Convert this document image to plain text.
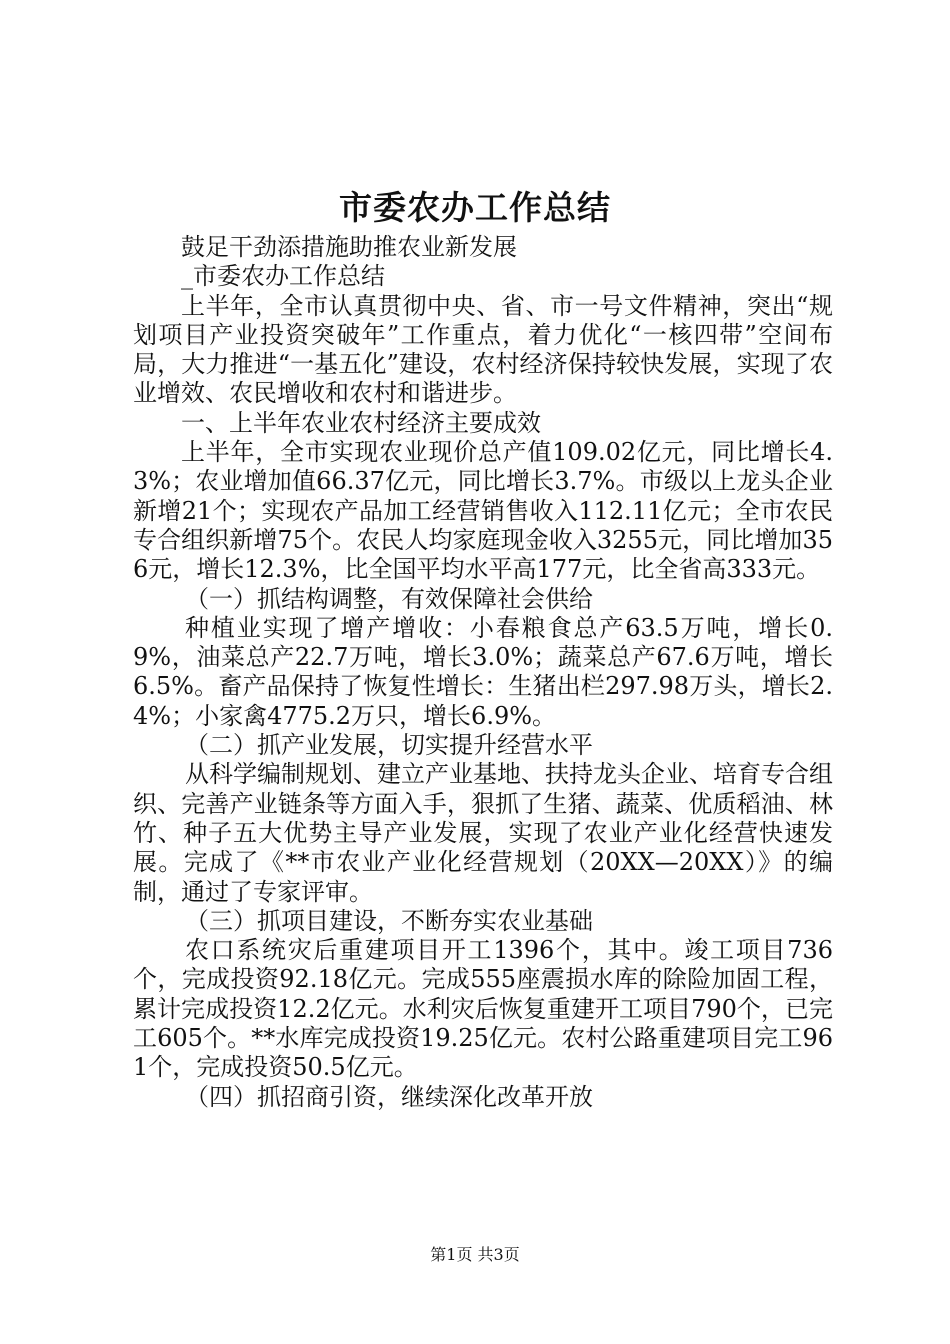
市委农办工作总结

鼓足干劲添措施助推农业新发展

_市委农办工作总结

上半年，全市认真贯彻中央、省、市一号文件精神，突出“规划项目产业投资突破年”工作重点，着力优化“一核四带”空间布局，大力推进“一基五化”建设，农村经济保持较快发展，实现了农业增效、农民增收和农村和谐进步。

一、上半年农业农村经济主要成效

上半年，全市实现农业现价总产值109.02亿元，同比增长4.3%；农业增加值66.37亿元，同比增长3.7%。市级以上龙头企业新增21个；实现农产品加工经营销售收入112.11亿元；全市农民专合组织新增75个。农民人均家庭现金收入3255元，同比增加356元，增长12.3%，比全国平均水平高177元，比全省高333元。

（一）抓结构调整，有效保障社会供给

种植业实现了增产增收：小春粮食总产63.5万吨，增长0.9%，油菜总产22.7万吨，增长3.0%；蔬菜总产67.6万吨，增长6.5%。畜产品保持了恢复性增长：生猪出栏297.98万头，增长2.4%；小家禽4775.2万只，增长6.9%。

（二）抓产业发展，切实提升经营水平

从科学编制规划、建立产业基地、扶持龙头企业、培育专合组织、完善产业链条等方面入手，狠抓了生猪、蔬菜、优质稻油、林竹、种子五大优势主导产业发展，实现了农业产业化经营快速发展。完成了《**市农业产业化经营规划（20XX—20XX）》的编制，通过了专家评审。

（三）抓项目建设，不断夯实农业基础

农口系统灾后重建项目开工1396个，其中。竣工项目736个，完成投资92.18亿元。完成555座震损水库的除险加固工程，累计完成投资12.2亿元。水利灾后恢复重建开工项目790个，已完工605个。**水库完成投资19.25亿元。农村公路重建项目完工961个，完成投资50.5亿元。

（四）抓招商引资，继续深化改革开放

第1页 共3页
